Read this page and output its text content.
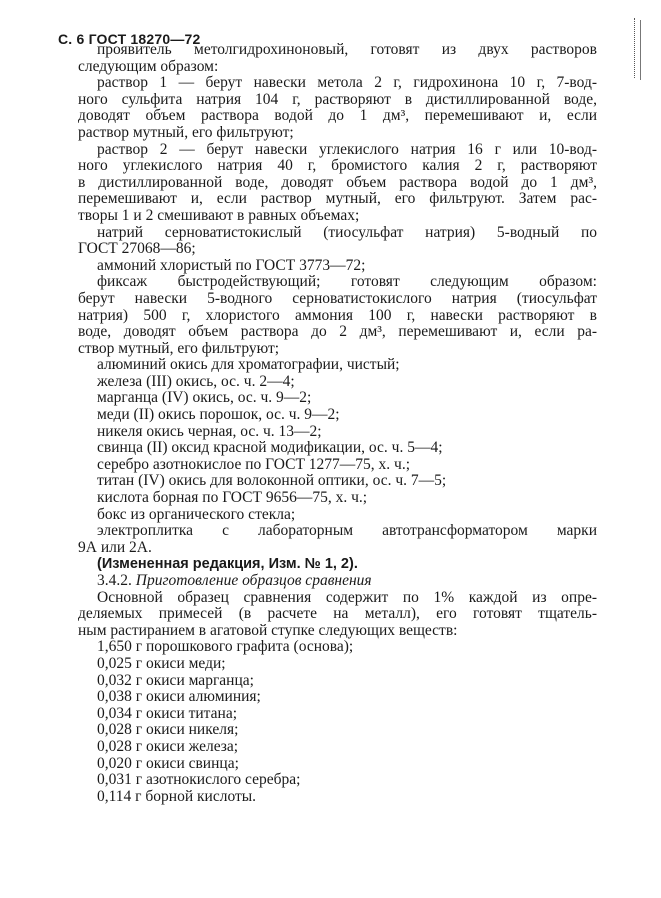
С. 6 ГОСТ 18270—72
проявитель метолгидрохиноновый, готовят из двух растворов
следующим образом:
раствор 1 — берут навески метола 2 г, гидрохинона 10 г, 7-вод-
ного сульфита натрия 104 г, растворяют в дистиллированной воде,
доводят объем раствора водой до 1 дм³, перемешивают и, если
раствор мутный, его фильтруют;
раствор 2 — берут навески углекислого натрия 16 г или 10-вод-
ного углекислого натрия 40 г, бромистого калия 2 г, растворяют
в дистиллированной воде, доводят объем раствора водой до 1 дм³,
перемешивают и, если раствор мутный, его фильтруют. Затем рас-
творы 1 и 2 смешивают в равных объемах;
натрий серноватистокислый (тиосульфат натрия) 5-водный по
ГОСТ 27068—86;
аммоний хлористый по ГОСТ 3773—72;
фиксаж быстродействующий; готовят следующим образом:
берут навески 5-водного серноватистокислого натрия (тиосульфат
натрия) 500 г, хлористого аммония 100 г, навески растворяют в
воде, доводят объем раствора до 2 дм³, перемешивают и, если ра-
створ мутный, его фильтруют;
алюминий окись для хроматографии, чистый;
железа (III) окись, ос. ч. 2—4;
марганца (IV) окись, ос. ч. 9—2;
меди (II) окись порошок, ос. ч. 9—2;
никеля окись черная, ос. ч. 13—2;
свинца (II) оксид красной модификации, ос. ч. 5—4;
серебро азотнокислое по ГОСТ 1277—75, х. ч.;
титан (IV) окись для волоконной оптики, ос. ч. 7—5;
кислота борная по ГОСТ 9656—75, х. ч.;
бокс из органического стекла;
электроплитка с лабораторным автотрансформатором марки
9А или 2А.
(Измененная редакция, Изм. № 1, 2).
3.4.2. Приготовление образцов сравнения
Основной образец сравнения содержит по 1% каждой из опре-
деляемых примесей (в расчете на металл), его готовят тщатель-
ным растиранием в агатовой ступке следующих веществ:
1,650 г порошкового графита (основа);
0,025 г окиси меди;
0,032 г окиси марганца;
0,038 г окиси алюминия;
0,034 г окиси титана;
0,028 г окиси никеля;
0,028 г окиси железа;
0,020 г окиси свинца;
0,031 г азотнокислого серебра;
0,114 г борной кислоты.
